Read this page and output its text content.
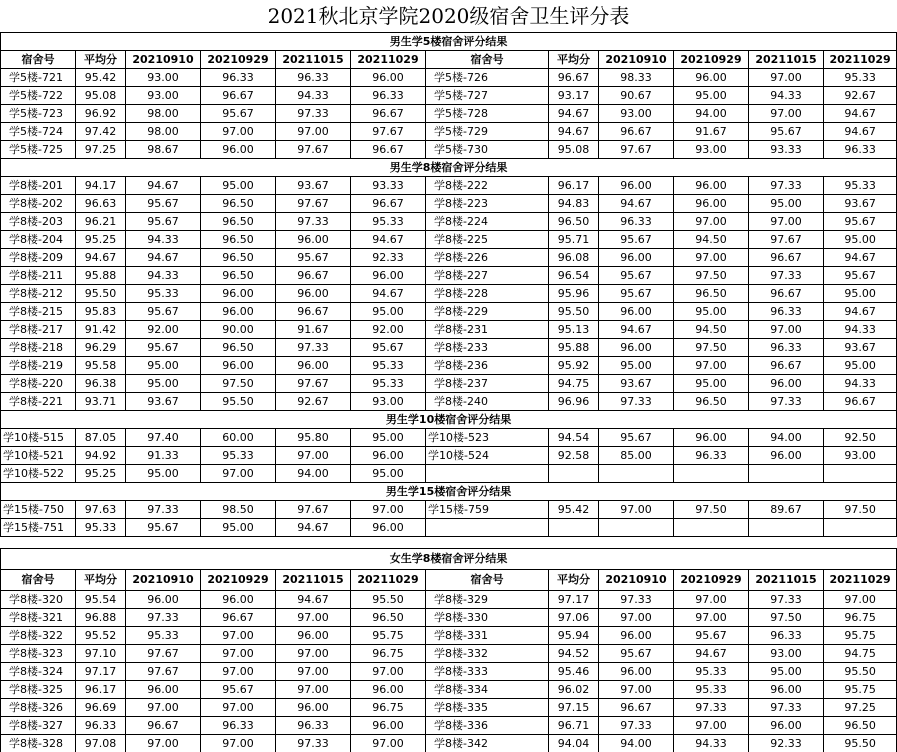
2021秋北京学院2020级宿舍卫生评分表
男生学5楼宿舍评分结果											
宿舍号	平均分	20210910	20210929	20211015	20211029	宿舍号	平均分	20210910	20210929	20211015	20211029
学5楼-721	95.42	93.00	96.33	96.33	96.00	学5楼-726	96.67	98.33	96.00	97.00	95.33
学5楼-722	95.08	93.00	96.67	94.33	96.33	学5楼-727	93.17	90.67	95.00	94.33	92.67
学5楼-723	96.92	98.00	95.67	97.33	96.67	学5楼-728	94.67	93.00	94.00	97.00	94.67
学5楼-724	97.42	98.00	97.00	97.00	97.67	学5楼-729	94.67	96.67	91.67	95.67	94.67
学5楼-725	97.25	98.67	96.00	97.67	96.67	学5楼-730	95.08	97.67	93.00	93.33	96.33
男生学8楼宿舍评分结果											
学8楼-201	94.17	94.67	95.00	93.67	93.33	学8楼-222	96.17	96.00	96.00	97.33	95.33
学8楼-202	96.63	95.67	96.50	97.67	96.67	学8楼-223	94.83	94.67	96.00	95.00	93.67
学8楼-203	96.21	95.67	96.50	97.33	95.33	学8楼-224	96.50	96.33	97.00	97.00	95.67
学8楼-204	95.25	94.33	96.50	96.00	94.67	学8楼-225	95.71	95.67	94.50	97.67	95.00
学8楼-209	94.67	94.67	96.50	95.67	92.33	学8楼-226	96.08	96.00	97.00	96.67	94.67
学8楼-211	95.88	94.33	96.50	96.67	96.00	学8楼-227	96.54	95.67	97.50	97.33	95.67
学8楼-212	95.50	95.33	96.00	96.00	94.67	学8楼-228	95.96	95.67	96.50	96.67	95.00
学8楼-215	95.83	95.67	96.00	96.67	95.00	学8楼-229	95.50	96.00	95.00	96.33	94.67
学8楼-217	91.42	92.00	90.00	91.67	92.00	学8楼-231	95.13	94.67	94.50	97.00	94.33
学8楼-218	96.29	95.67	96.50	97.33	95.67	学8楼-233	95.88	96.00	97.50	96.33	93.67
学8楼-219	95.58	95.00	96.00	96.00	95.33	学8楼-236	95.92	95.00	97.00	96.67	95.00
学8楼-220	96.38	95.00	97.50	97.67	95.33	学8楼-237	94.75	93.67	95.00	96.00	94.33
学8楼-221	93.71	93.67	95.50	92.67	93.00	学8楼-240	96.96	97.33	96.50	97.33	96.67
男生学10楼宿舍评分结果											
学10楼-515	87.05	97.40	60.00	95.80	95.00	学10楼-523	94.54	95.67	96.00	94.00	92.50
学10楼-521	94.92	91.33	95.33	97.00	96.00	学10楼-524	92.58	85.00	96.33	96.00	93.00
学10楼-522	95.25	95.00	97.00	94.00	95.00						
男生学15楼宿舍评分结果											
学15楼-750	97.63	97.33	98.50	97.67	97.00	学15楼-759	95.42	97.00	97.50	89.67	97.50
学15楼-751	95.33	95.67	95.00	94.67	96.00						

女生学8楼宿舍评分结果											
宿舍号	平均分	20210910	20210929	20211015	20211029	宿舍号	平均分	20210910	20210929	20211015	20211029
学8楼-320	95.54	96.00	96.00	94.67	95.50	学8楼-329	97.17	97.33	97.00	97.33	97.00
学8楼-321	96.88	97.33	96.67	97.00	96.50	学8楼-330	97.06	97.00	97.00	97.50	96.75
学8楼-322	95.52	95.33	97.00	96.00	95.75	学8楼-331	95.94	96.00	95.67	96.33	95.75
学8楼-323	97.10	97.67	97.00	97.00	96.75	学8楼-332	94.52	95.67	94.67	93.00	94.75
学8楼-324	97.17	97.67	97.00	97.00	97.00	学8楼-333	95.46	96.00	95.33	95.00	95.50
学8楼-325	96.17	96.00	95.67	97.00	96.00	学8楼-334	96.02	97.00	95.33	96.00	95.75
学8楼-326	96.69	97.00	97.00	96.00	96.75	学8楼-335	97.15	96.67	97.33	97.33	97.25
学8楼-327	96.33	96.67	96.33	96.33	96.00	学8楼-336	96.71	97.33	97.00	96.00	96.50
学8楼-328	97.08	97.00	97.00	97.33	97.00	学8楼-342	94.04	94.00	94.33	92.33	95.50
